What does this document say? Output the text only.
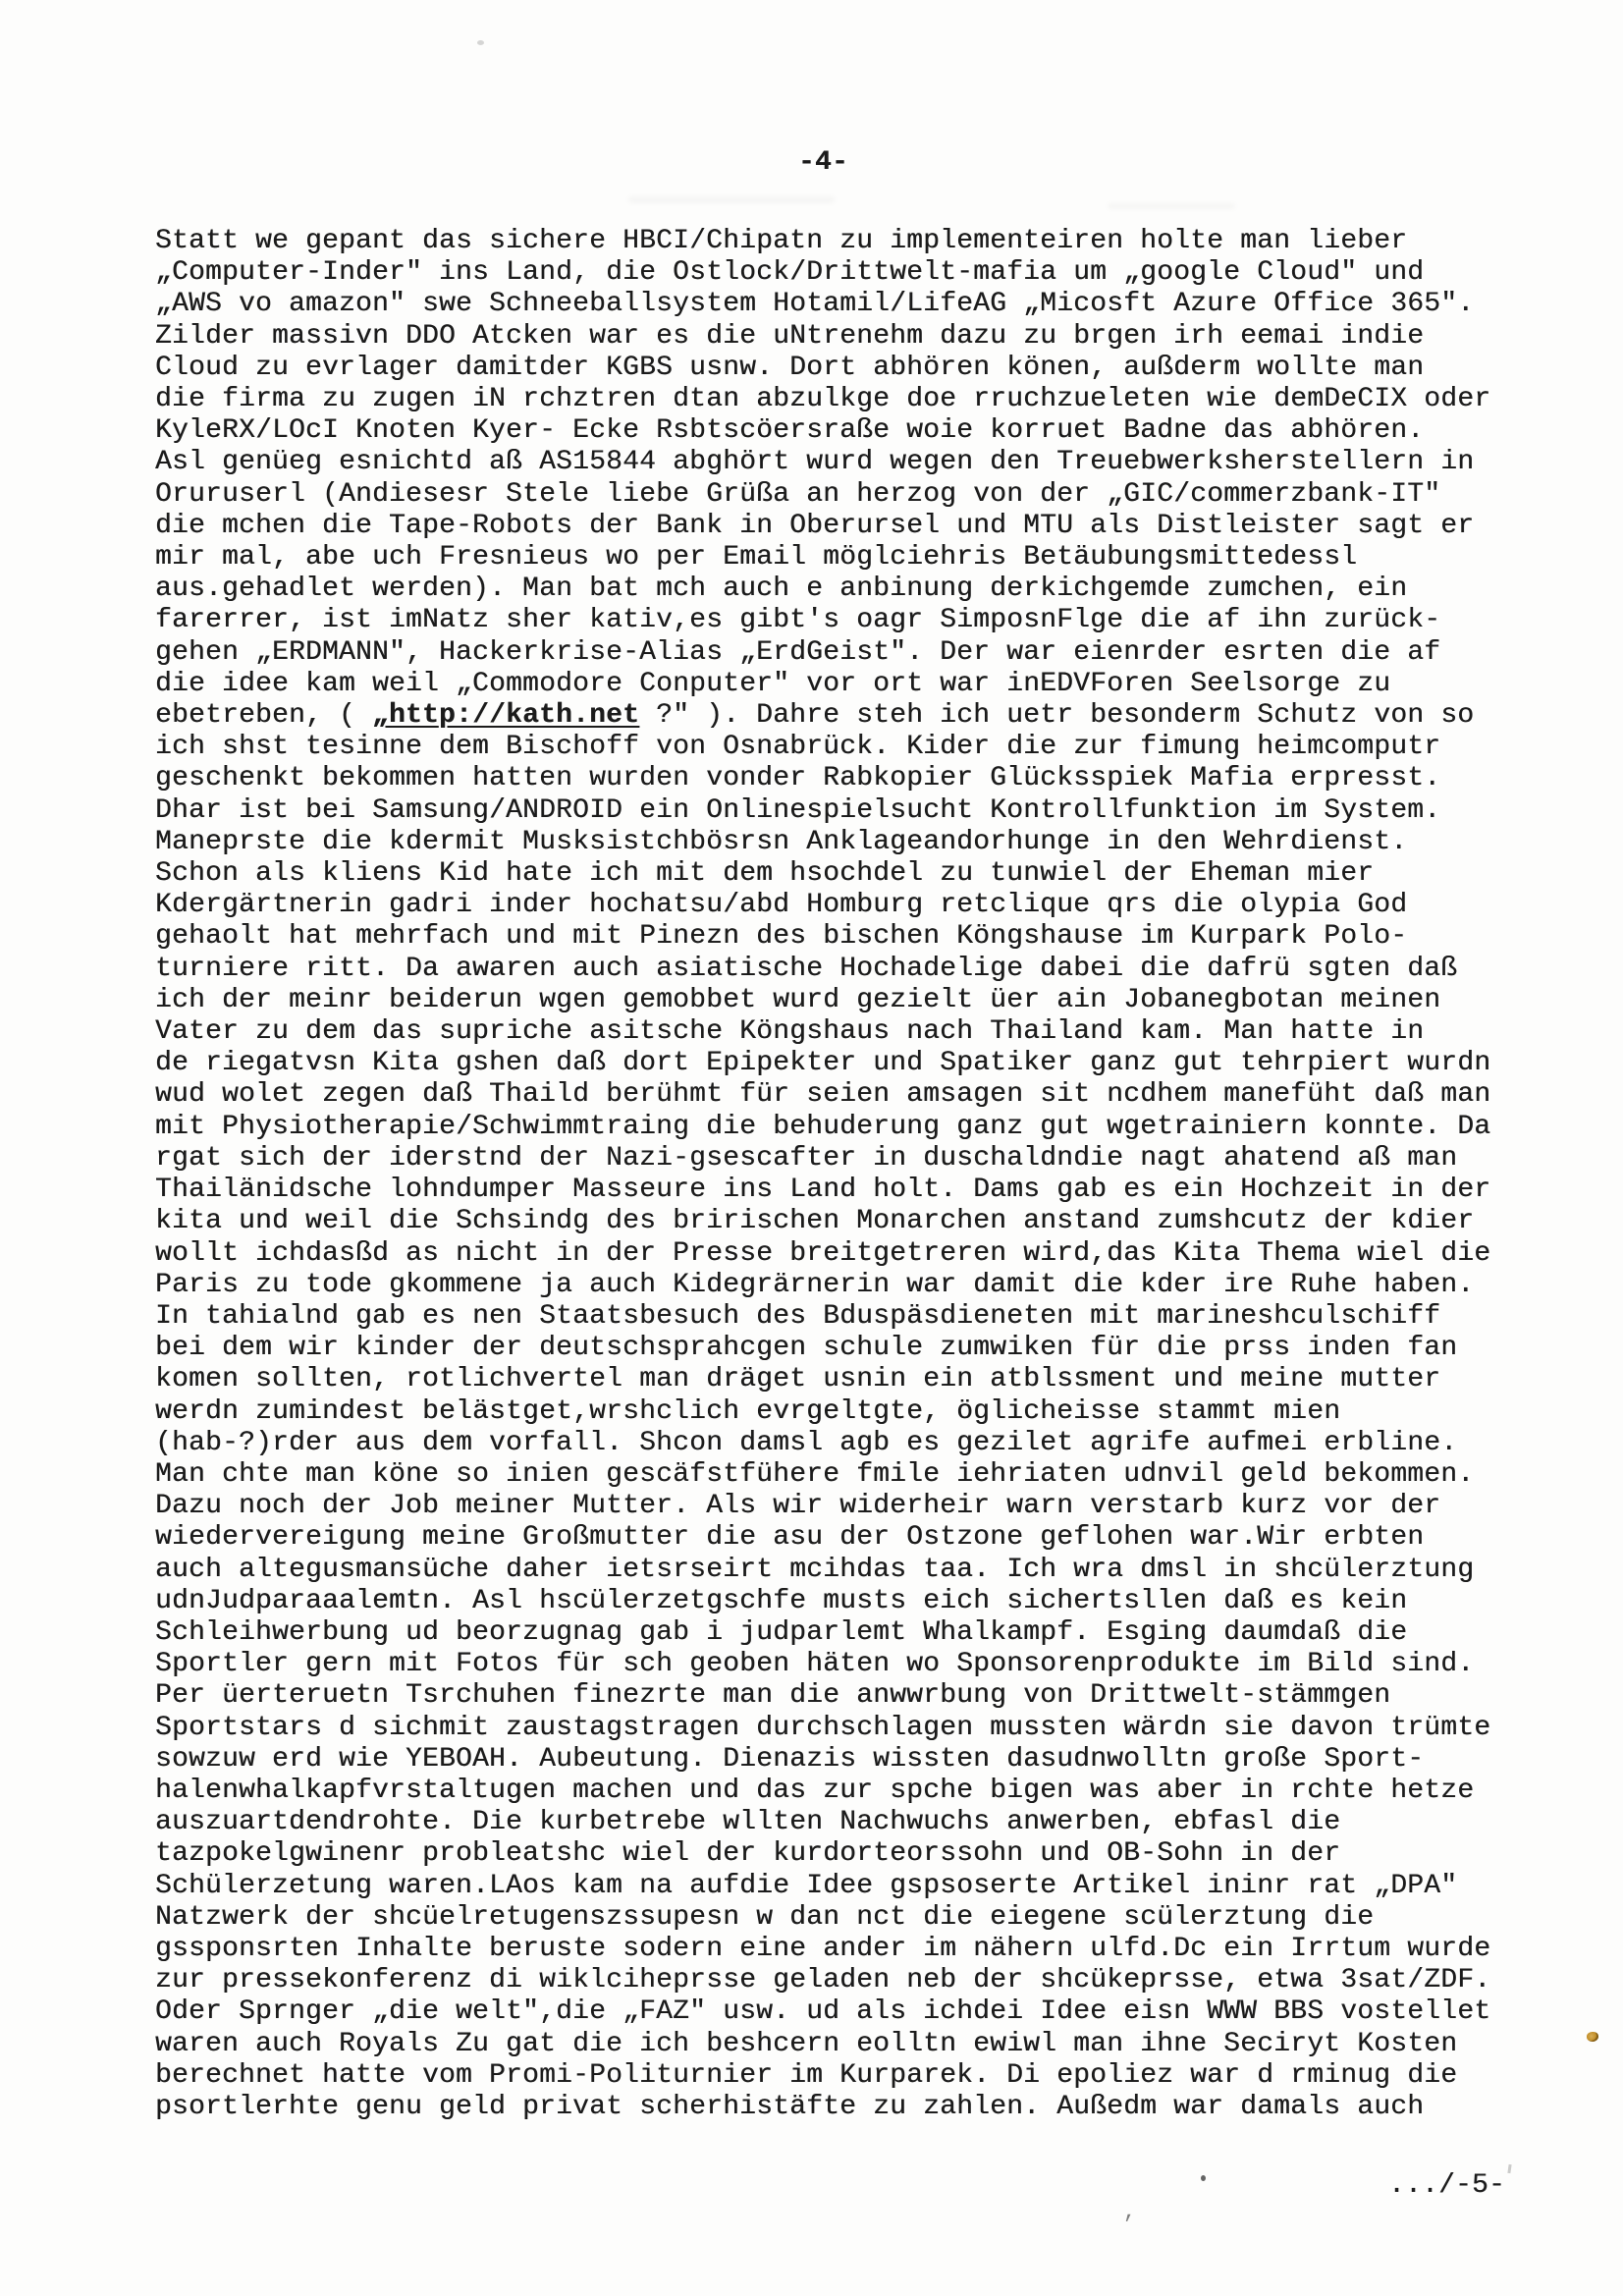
-4-
Statt we gepant das sichere HBCI/Chipatn zu implementeiren holte man lieber
„Computer-Inder" ins Land, die Ostlock/Drittwelt-mafia um „google Cloud" und
„AWS vo amazon" swe Schneeballsystem Hotamil/LifeAG „Micosft Azure Office 365".
Zilder massivn DDO Atcken war es die uNtrenehm dazu zu brgen irh eemai indie
Cloud zu evrlager damitder KGBS usnw. Dort abhören könen, außderm wollte man
die firma zu zugen iN rchztren dtan abzulkge doe rruchzueleten wie demDeCIX oder
KyleRX/LOcI Knoten Kyer- Ecke Rsbtscöersraße woie korruet Badne das abhören.
Asl genüeg esnichtd aß AS15844 abghört wurd wegen den Treuebwerksherstellern in
Oruruserl (Andiesesr Stele liebe Grüßa an herzog von der „GIC/commerzbank-IT"
die mchen die Tape-Robots der Bank in Oberursel und MTU als Distleister sagt er
mir mal, abe uch Fresnieus wo per Email möglciehris Betäubungsmittedessl
aus.gehadlet werden). Man bat mch auch e anbinung derkichgemde zumchen, ein
farerrer, ist imNatz sher kativ,es gibt's oagr SimposnFlge die af ihn zurück-
gehen „ERDMANN", Hackerkrise-Alias „ErdGeist". Der war eienrder esrten die af
die idee kam weil „Commodore Conputer" vor ort war inEDVForen Seelsorge zu
ebetreben, ( „http://kath.net ?" ). Dahre steh ich uetr besonderm Schutz von so
ich shst tesinne dem Bischoff von Osnabrück. Kider die zur fimung heimcomputr
geschenkt bekommen hatten wurden vonder Rabkopier Glücksspiek Mafia erpresst.
Dhar ist bei Samsung/ANDROID ein Onlinespielsucht Kontrollfunktion im System.
Maneprste die kdermit Musksistchbösrsn Anklageandorhunge in den Wehrdienst.
Schon als kliens Kid hate ich mit dem hsochdel zu tunwiel der Eheman mier
Kdergärtnerin gadri inder hochatsu/abd Homburg retclique qrs die olypia God
gehaolt hat mehrfach und mit Pinezn des bischen Köngshause im Kurpark Polo-
turniere ritt. Da awaren auch asiatische Hochadelige dabei die dafrü sgten daß
ich der meinr beiderun wgen gemobbet wurd gezielt üer ain Jobanegbotan meinen
Vater zu dem das supriche asitsche Köngshaus nach Thailand kam. Man hatte in
de riegatvsn Kita gshen daß dort Epipekter und Spatiker ganz gut tehrpiert wurdn
wud wolet zegen daß Thaild berühmt für seien amsagen sit ncdhem manefüht daß man
mit Physiotherapie/Schwimmtraing die behuderung ganz gut wgetrainiern konnte. Da
rgat sich der iderstnd der Nazi-gsescafter in duschaldndie nagt ahatend aß man
Thailänidsche lohndumper Masseure ins Land holt. Dams gab es ein Hochzeit in der
kita und weil die Schsindg des bririschen Monarchen anstand zumshcutz der kdier
wollt ichdasßd as nicht in der Presse breitgetreren wird,das Kita Thema wiel die
Paris zu tode gkommene ja auch Kidegrärnerin war damit die kder ire Ruhe haben.
In tahialnd gab es nen Staatsbesuch des Bduspäsdieneten mit marineshculschiff
bei dem wir kinder der deutschsprahcgen schule zumwiken für die prss inden fan
komen sollten, rotlichvertel man dräget usnin ein atblssment und meine mutter
werdn zumindest belästget,wrshclich evrgeltgte, öglicheisse stammt mien
(hab-?)rder aus dem vorfall. Shcon damsl agb es gezilet agrife aufmei erbline.
Man chte man köne so inien gescäfstfühere fmile iehriaten udnvil geld bekommen.
Dazu noch der Job meiner Mutter. Als wir widerheir warn verstarb kurz vor der
wiedervereigung meine Großmutter die asu der Ostzone geflohen war.Wir erbten
auch altegusmansüche daher ietsrseirt mcihdas taa. Ich wra dmsl in shcülerztung
udnJudparaaalemtn. Asl hscülerzetgschfe musts eich sichertsllen daß es kein
Schleihwerbung ud beorzugnag gab i judparlemt Whalkampf. Esging daumdaß die
Sportler gern mit Fotos für sch geoben häten wo Sponsorenprodukte im Bild sind.
Per üerteruetn Tsrchuhen finezrte man die anwwrbung von Drittwelt-stämmgen
Sportstars d sichmit zaustagstragen durchschlagen mussten wärdn sie davon trümte
sowzuw erd wie YEBOAH. Aubeutung. Dienazis wissten dasudnwolltn große Sport-
halenwhalkapfvrstaltugen machen und das zur spche bigen was aber in rchte hetze
auszuartdendrohte. Die kurbetrebe wllten Nachwuchs anwerben, ebfasl die
tazpokelgwinenr probleatshc wiel der kurdorteorssohn und OB-Sohn in der
Schülerzetung waren.LAos kam na aufdie Idee gspsoserte Artikel ininr rat „DPA"
Natzwerk der shcüelretugenszssupesn w dan nct die eiegene scülerztung die
gssponsrten Inhalte beruste sodern eine ander im nähern ulfd.Dc ein Irrtum wurde
zur pressekonferenz di wiklciheprsse geladen neb der shcükeprsse, etwa 3sat/ZDF.
Oder Sprnger „die welt",die „FAZ" usw. ud als ichdei Idee eisn WWW BBS vostellet
waren auch Royals Zu gat die ich beshcern eolltn ewiwl man ihne Seciryt Kosten
berechnet hatte vom Promi-Politurnier im Kurparek. Di epoliez war d rminug die
psortlerhte genu geld privat scherhistäfte zu zahlen. Außedm war damals auch
.../-5-
,
